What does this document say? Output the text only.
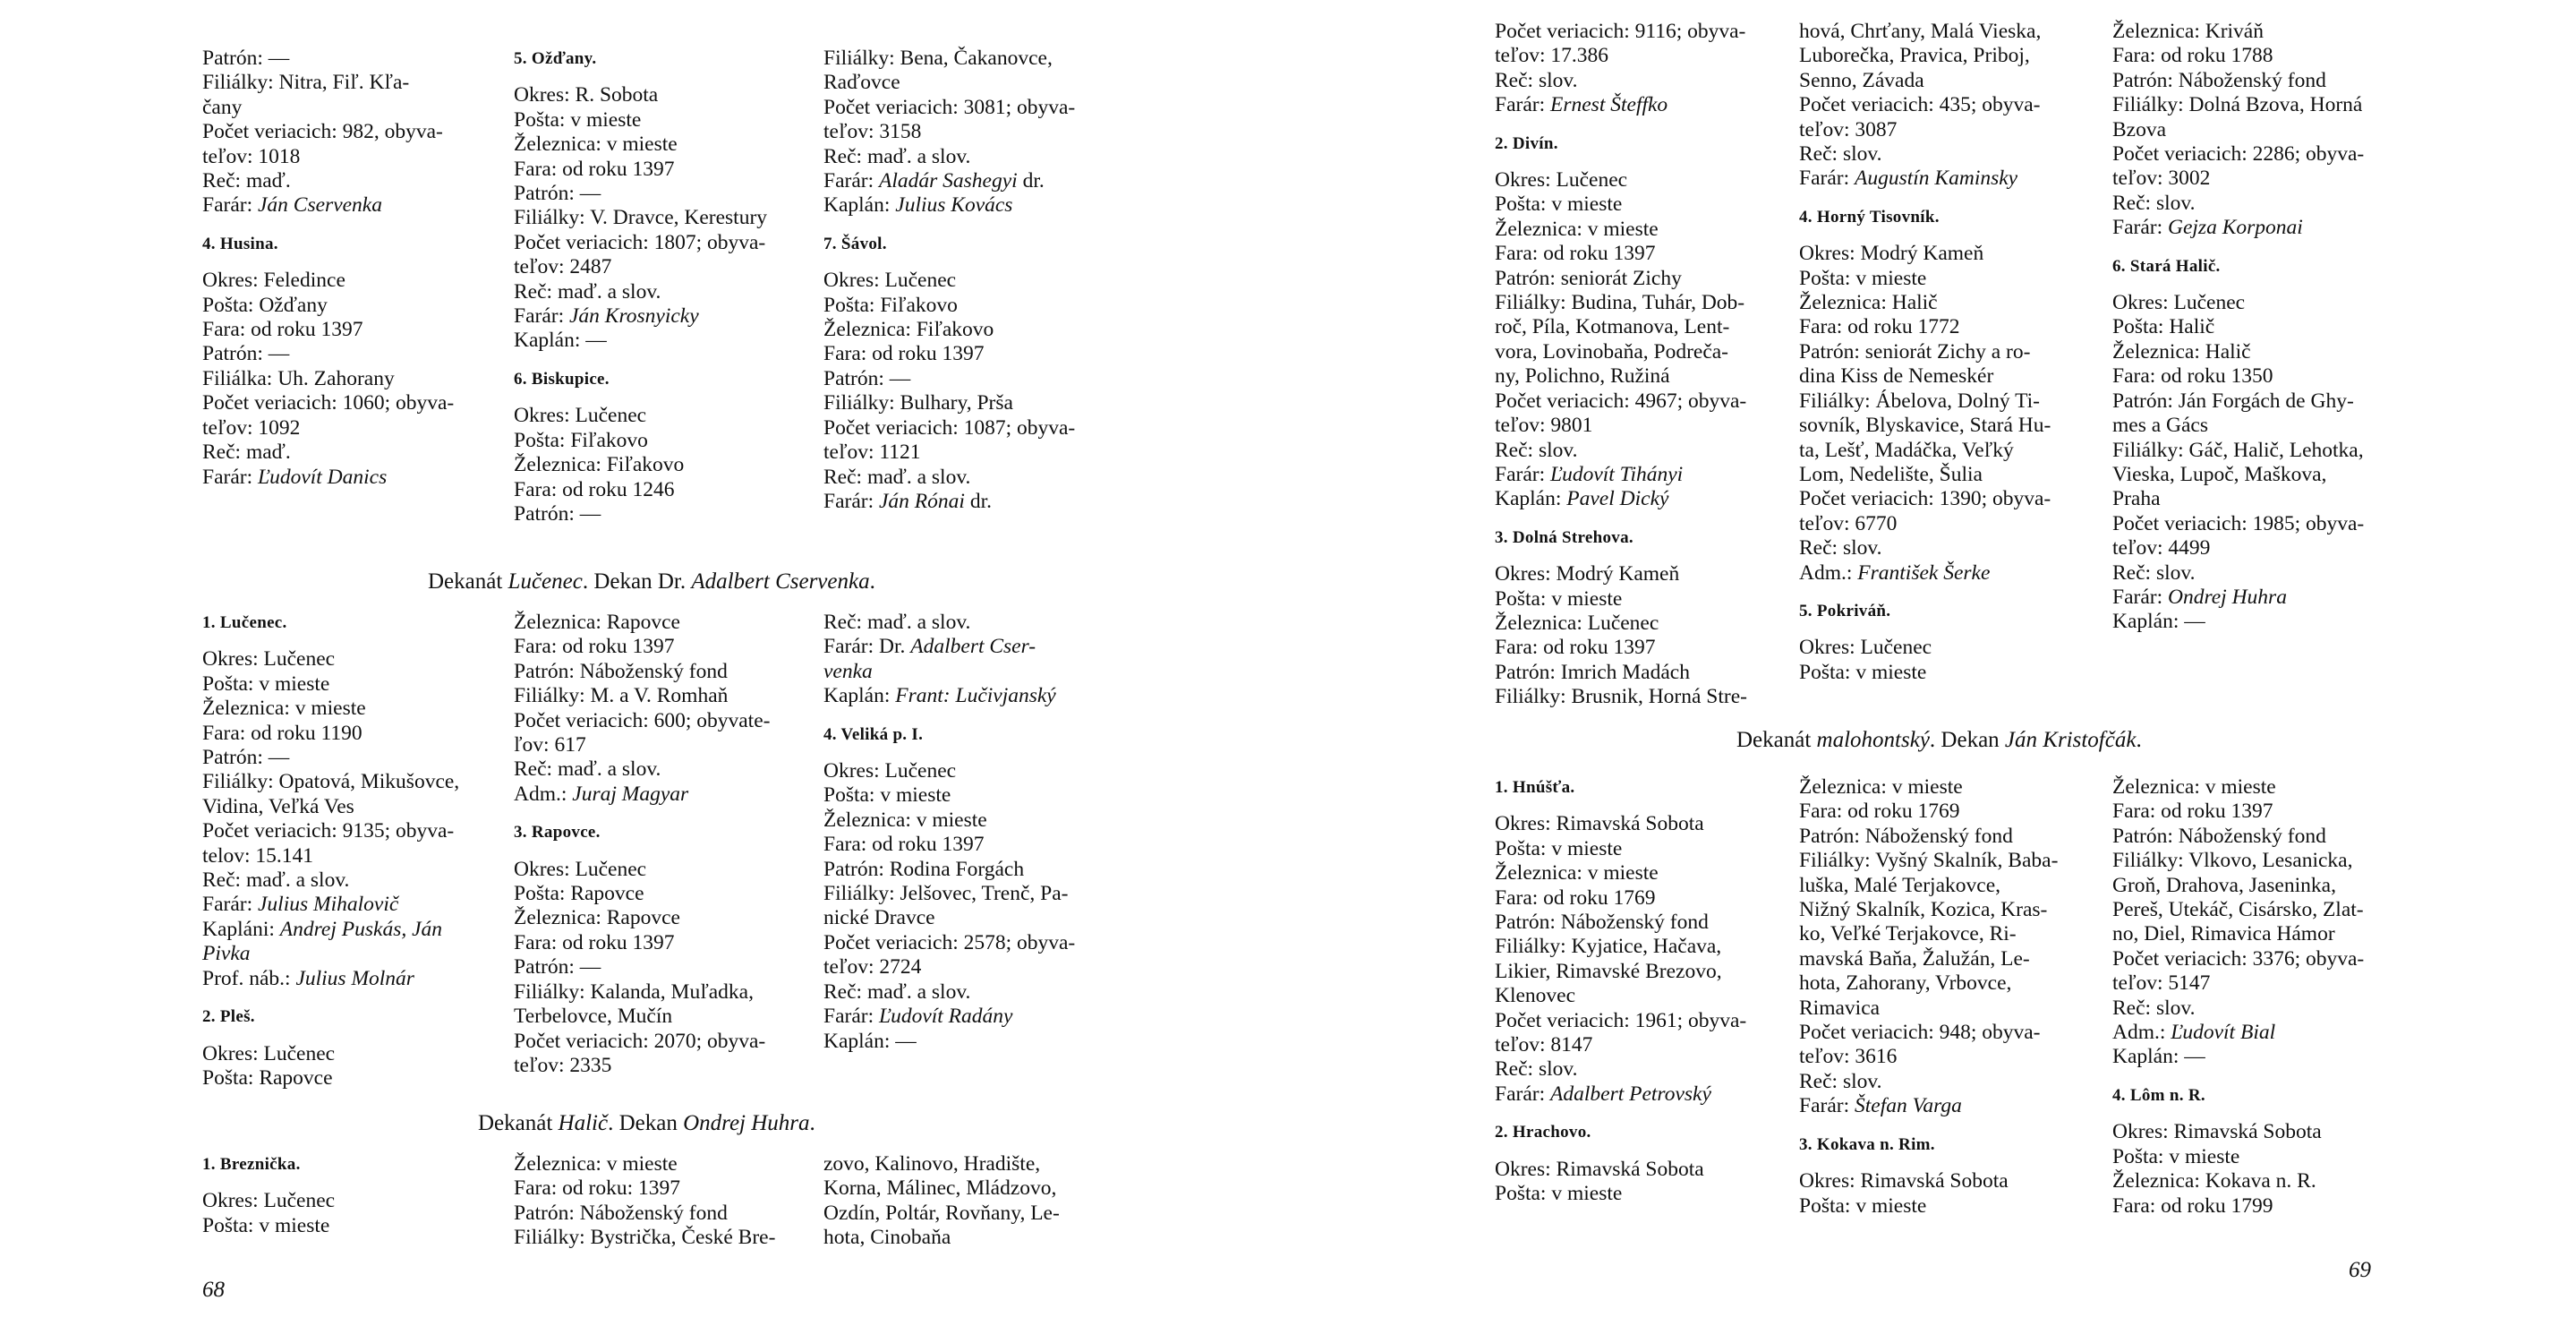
Patrón: —
Filiálky: Nitra, Fiľ. Kľa-
čany
Počet veriacich: 982, obyva-
teľov: 1018
Reč: maď.
Farár: Ján Cservenka
4. Husina.
Okres: Feledince
Pošta: Ožďany
Fara: od roku 1397
Patrón: —
Filiálka: Uh. Zahorany
Počet veriacich: 1060; obyva-
teľov: 1092
Reč: maď.
Farár: Ľudovít Danics
5. Ožďany.
Okres: R. Sobota
Pošta: v mieste
Železnica: v mieste
Fara: od roku 1397
Patrón: —
Filiálky: V. Dravce, Kerestury
Počet veriacich: 1807; obyva-
teľov: 2487
Reč: maď. a slov.
Farár: Ján Krosnyicky
Kaplán: —
6. Biskupice.
Okres: Lučenec
Pošta: Fiľakovo
Železnica: Fiľakovo
Fara: od roku 1246
Patrón: —
Filiálky: Bena, Čakanovce,
Raďovce
Počet veriacich: 3081; obyva-
teľov: 3158
Reč: maď. a slov.
Farár: Aladár Sashegyi dr.
Kaplán: Julius Kovács
7. Šávol.
Okres: Lučenec
Pošta: Fiľakovo
Železnica: Fiľakovo
Fara: od roku 1397
Patrón: —
Filiálky: Bulhary, Prša
Počet veriacich: 1087; obyva-
teľov: 1121
Reč: maď. a slov.
Farár: Ján Rónai dr.
Dekanát Lučenec. Dekan Dr. Adalbert Cservenka.
1. Lučenec.
Okres: Lučenec
Pošta: v mieste
Železnica: v mieste
Fara: od roku 1190
Patrón: —
Filiálky: Opatová, Mikušovce,
Vidina, Veľká Ves
Počet veriacich: 9135; obyva-
telov: 15.141
Reč: maď. a slov.
Farár: Julius Mihalovič
Kapláni: Andrej Puskás, Ján
Pivka
Prof. náb.: Julius Molnár
2. Pleš.
Okres: Lučenec
Pošta: Rapovce
Železnica: Rapovce
Fara: od roku 1397
Patrón: Náboženský fond
Filiálky: M. a V. Romhaň
Počet veriacich: 600; obyvate-
ľov: 617
Reč: maď. a slov.
Adm.: Juraj Magyar
3. Rapovce.
Okres: Lučenec
Pošta: Rapovce
Železnica: Rapovce
Fara: od roku 1397
Patrón: —
Filiálky: Kalanda, Muľadka,
Terbelovce, Mučín
Počet veriacich: 2070; obyva-
teľov: 2335
Reč: maď. a slov.
Farár: Dr. Adalbert Cser-
venka
Kaplán: Frant: Lučivjanský
4. Veliká p. I.
Okres: Lučenec
Pošta: v mieste
Železnica: v mieste
Fara: od roku 1397
Patrón: Rodina Forgách
Filiálky: Jelšovec, Trenč, Pa-
nické Dravce
Počet veriacich: 2578; obyva-
teľov: 2724
Reč: maď. a slov.
Farár: Ľudovít Radány
Kaplán: —
Dekanát Halič. Dekan Ondrej Huhra.
1. Breznička.
Okres: Lučenec
Pošta: v mieste
Železnica: v mieste
Fara: od roku: 1397
Patrón: Náboženský fond
Filiálky: Bystrička, České Bre-
zovo, Kalinovo, Hradište,
Korna, Málinec, Mládzovo,
Ozdín, Poltár, Rovňany, Le-
hota, Cinobaňa
68
Počet veriacich: 9116; obyva-
teľov: 17.386
Reč: slov.
Farár: Ernest Šteffko
2. Divín.
Okres: Lučenec
Pošta: v mieste
Železnica: v mieste
Fara: od roku 1397
Patrón: seniorát Zichy
Filiálky: Budina, Tuhár, Dob-
roč, Píla, Kotmanova, Lent-
vora, Lovinobaňa, Podreča-
ny, Polichno, Ružiná
Počet veriacich: 4967; obyva-
teľov: 9801
Reč: slov.
Farár: Ľudovít Tihányi
Kaplán: Pavel Dický
3. Dolná Strehova.
Okres: Modrý Kameň
Pošta: v mieste
Železnica: Lučenec
Fara: od roku 1397
Patrón: Imrich Madách
Filiálky: Brusnik, Horná Stre-
hová, Chrťany, Malá Vieska,
Luborečka, Pravica, Priboj,
Senno, Závada
Počet veriacich: 435; obyva-
teľov: 3087
Reč: slov.
Farár: Augustín Kaminsky
4. Horný Tisovník.
Okres: Modrý Kameň
Pošta: v mieste
Železnica: Halič
Fara: od roku 1772
Patrón: seniorát Zichy a ro-
dina Kiss de Nemeskér
Filiálky: Ábelova, Dolný Ti-
sovník, Blyskavice, Stará Hu-
ta, Lešť, Madáčka, Veľký
Lom, Nedelište, Šulia
Počet veriacich: 1390; obyva-
teľov: 6770
Reč: slov.
Adm.: František Šerke
5. Pokriváň.
Okres: Lučenec
Pošta: v mieste
Železnica: Kriváň
Fara: od roku 1788
Patrón: Náboženský fond
Filiálky: Dolná Bzova, Horná
Bzova
Počet veriacich: 2286; obyva-
teľov: 3002
Reč: slov.
Farár: Gejza Korponai
6. Stará Halič.
Okres: Lučenec
Pošta: Halič
Železnica: Halič
Fara: od roku 1350
Patrón: Ján Forgách de Ghy-
mes a Gács
Filiálky: Gáč, Halič, Lehotka,
Vieska, Lupoč, Maškova,
Praha
Počet veriacich: 1985; obyva-
teľov: 4499
Reč: slov.
Farár: Ondrej Huhra
Kaplán: —
Dekanát malohontský. Dekan Ján Kristofčák.
1. Hnúšťa.
Okres: Rimavská Sobota
Pošta: v mieste
Železnica: v mieste
Fara: od roku 1769
Patrón: Náboženský fond
Filiálky: Kyjatice, Hačava,
Likier, Rimavské Brezovo,
Klenovec
Počet veriacich: 1961; obyva-
teľov: 8147
Reč: slov.
Farár: Adalbert Petrovský
2. Hrachovo.
Okres: Rimavská Sobota
Pošta: v mieste
Železnica: v mieste
Fara: od roku 1769
Patrón: Náboženský fond
Filiálky: Vyšný Skalník, Baba-
luška, Malé Terjakovce,
Nižný Skalník, Kozica, Kras-
ko, Veľké Terjakovce, Ri-
mavská Baňa, Žalužán, Le-
hota, Zahorany, Vrbovce,
Rimavica
Počet veriacich: 948; obyva-
teľov: 3616
Reč: slov.
Farár: Štefan Varga
3. Kokava n. Rim.
Okres: Rimavská Sobota
Pošta: v mieste
Železnica: v mieste
Fara: od roku 1397
Patrón: Náboženský fond
Filiálky: Vlkovo, Lesanicka,
Groň, Drahova, Jaseninka,
Pereš, Utekáč, Cisársko, Zlat-
no, Diel, Rimavica Hámor
Počet veriacich: 3376; obyva-
teľov: 5147
Reč: slov.
Adm.: Ľudovít Bial
Kaplán: —
4. Lôm n. R.
Okres: Rimavská Sobota
Pošta: v mieste
Železnica: Kokava n. R.
Fara: od roku 1799
69
